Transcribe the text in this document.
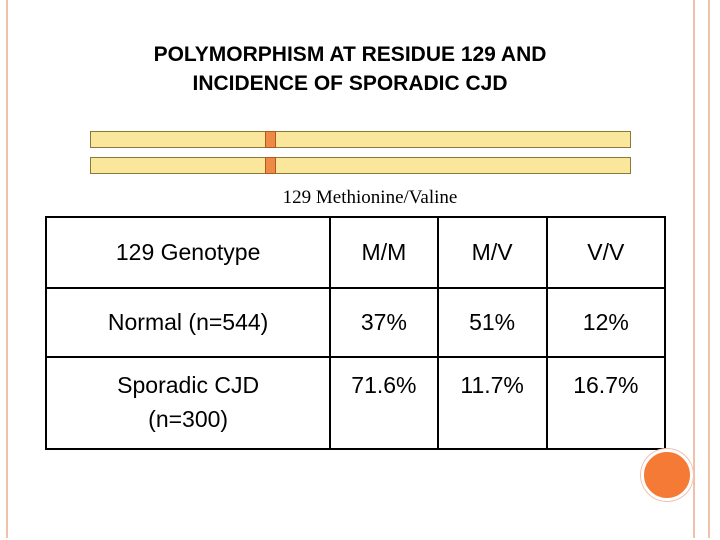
POLYMORPHISM AT RESIDUE 129 AND
INCIDENCE OF SPORADIC CJD
129 Methionine/Valine
129 Genotype	M/M	M/V	V/V
Normal (n=544)	37%	51%	12%
Sporadic CJD (n=300)	71.6%	11.7%	16.7%
